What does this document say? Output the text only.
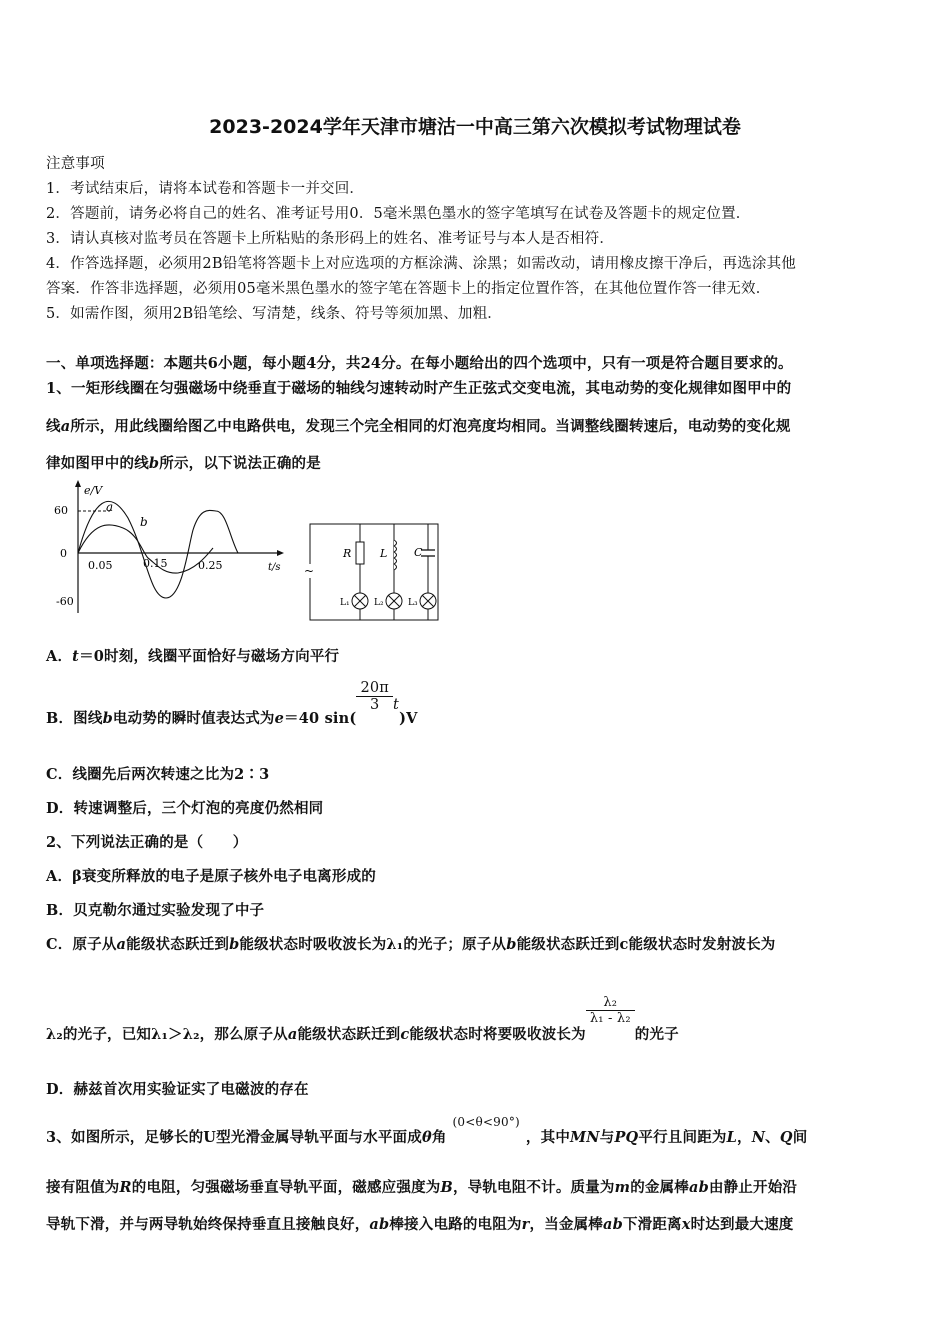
2023-2024学年天津市塘沽一中高三第六次模拟考试物理试卷
注意事项
1．考试结束后，请将本试卷和答题卡一并交回．
2．答题前，请务必将自己的姓名、准考证号用0．5毫米黑色墨水的签字笔填写在试卷及答题卡的规定位置．
3．请认真核对监考员在答题卡上所粘贴的条形码上的姓名、准考证号与本人是否相符．
4．作答选择题，必须用2B铅笔将答题卡上对应选项的方框涂满、涂黑；如需改动，请用橡皮擦干净后，再选涂其他
答案．作答非选择题，必须用05毫米黑色墨水的签字笔在答题卡上的指定位置作答，在其他位置作答一律无效．
5．如需作图，须用2B铅笔绘、写清楚，线条、符号等须加黑、加粗．
一、单项选择题：本题共6小题，每小题4分，共24分。在每小题给出的四个选项中，只有一项是符合题目要求的。
1、一矩形线圈在匀强磁场中绕垂直于磁场的轴线匀速转动时产生正弦式交变电流，其电动势的变化规律如图甲中的
线a所示，用此线圈给图乙中电路供电，发现三个完全相同的灯泡亮度均相同。当调整线圈转速后，电动势的变化规
律如图甲中的线b所示，以下说法正确的是
e/V
60
0
-60
0.05	0.15	0.25	t/s
a
b
~
R	L C
L₁	L₂	L₃
A．t＝0时刻，线圈平面恰好与磁场方向平行
B．图线b电动势的瞬时值表达式为e＝40 sin(
$\frac{20\pi}{3} t)V$
C．线圈先后两次转速之比为2∶3
D．转速调整后，三个灯泡的亮度仍然相同
2、下列说法正确的是（　　）
A．β衰变所释放的电子是原子核外电子电离形成的
B．贝克勒尔通过实验发现了中子
C．原子从a能级状态跃迁到b能级状态时吸收波长为λ₁的光子；原子从b能级状态跃迁到c能级状态时发射波长为
λ₂的光子，已知λ₁＞λ₂，那么原子从a能级状态跃迁到c能级状态时将要吸收波长为
$\frac{\text{λ₂}}{\text{λ₁ - λ₂}}$
的光子
D．赫兹首次用实验证实了电磁波的存在
3、如图所示，足够长的U型光滑金属导轨平面与水平面成θ角(0<θ<90°)，其中MN与PQ平行且间距为L，N、Q间
接有阻值为R的电阻，匀强磁场垂直导轨平面，磁感应强度为B，导轨电阻不计。质量为m的金属棒ab由静止开始沿
导轨下滑，并与两导轨始终保持垂直且接触良好，ab棒接入电路的电阻为r，当金属棒ab下滑距离x时达到最大速度
